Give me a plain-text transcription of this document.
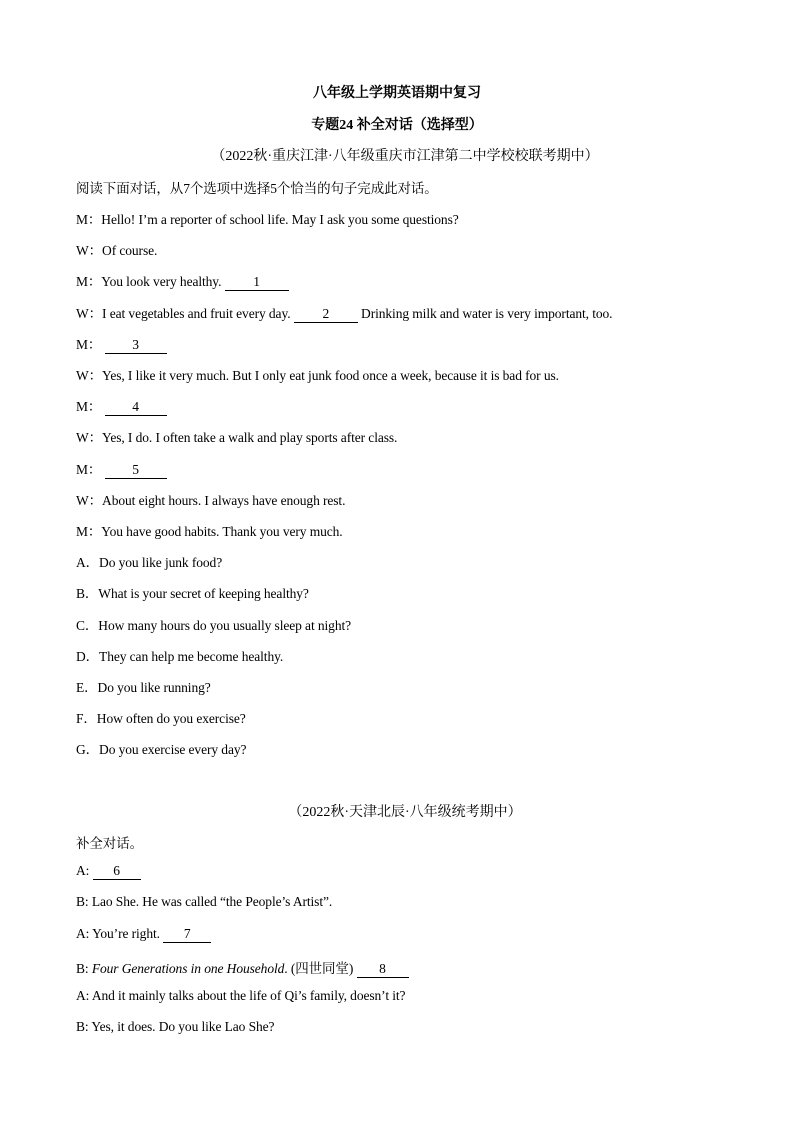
八年级上学期英语期中复习
专题24 补全对话（选择型）
（2022秋·重庆江津·八年级重庆市江津第二中学校校联考期中）
阅读下面对话，从7个选项中选择5个恰当的句子完成此对话。
M：Hello! I’m a reporter of school life. May I ask you some questions?
W：Of course.
M：You look very healthy. 1
W：I eat vegetables and fruit every day. 2 Drinking milk and water is very important, too.
M： 3
W：Yes, I like it very much. But I only eat junk food once a week, because it is bad for us.
M： 4
W：Yes, I do. I often take a walk and play sports after class.
M： 5
W：About eight hours. I always have enough rest.
M：You have good habits. Thank you very much.
A．Do you like junk food?
B．What is your secret of keeping healthy?
C．How many hours do you usually sleep at night?
D．They can help me become healthy.
E．Do you like running?
F．How often do you exercise?
G．Do you exercise every day?
（2022秋·天津北辰·八年级统考期中）
补全对话。
A: 6
B: Lao She. He was called “the People’s Artist”.
A: You’re right. 7
B: Four Generations in one Household. (四世同堂) 8
A: And it mainly talks about the life of Qi’s family, doesn’t it?
B: Yes, it does. Do you like Lao She?
